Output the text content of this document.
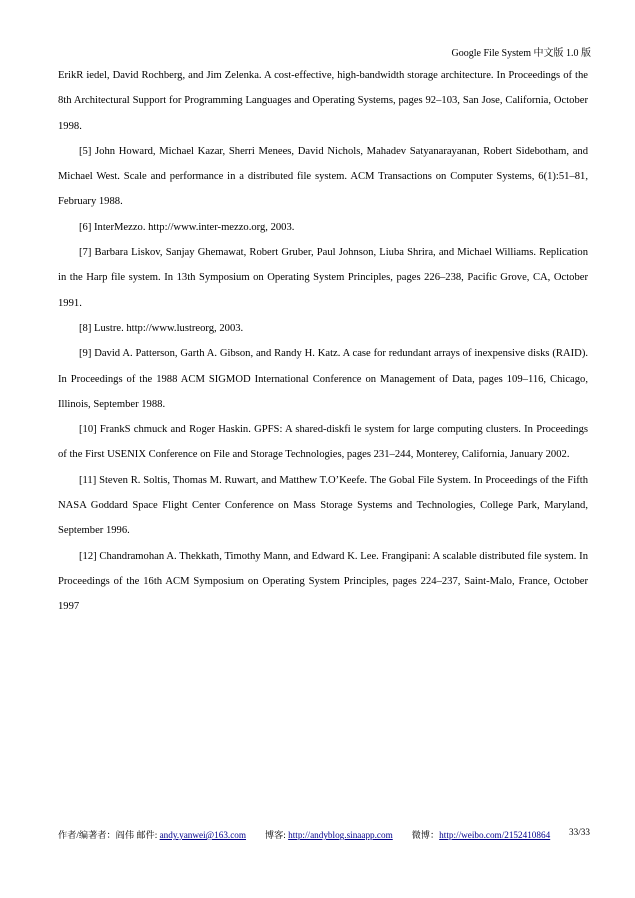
Google File System 中文版 1.0 版

ErikR iedel, David Rochberg, and Jim Zelenka. A cost-effective, high-bandwidth storage architecture. In Proceedings of the 8th Architectural Support for Programming Languages and Operating Systems, pages 92–103, San Jose, California, October 1998.

[5] John Howard, Michael Kazar, Sherri Menees, David Nichols, Mahadev Satyanarayanan, Robert Sidebotham, and Michael West. Scale and performance in a distributed file system. ACM Transactions on Computer Systems, 6(1):51–81, February 1988.

[6] InterMezzo. http://www.inter-mezzo.org, 2003.

[7] Barbara Liskov, Sanjay Ghemawat, Robert Gruber, Paul Johnson, Liuba Shrira, and Michael Williams. Replication in the Harp file system. In 13th Symposium on Operating System Principles, pages 226–238, Pacific Grove, CA, October 1991.

[8] Lustre. http://www.lustreorg, 2003.

[9] David A. Patterson, Garth A. Gibson, and Randy H. Katz. A case for redundant arrays of inexpensive disks (RAID). In Proceedings of the 1988 ACM SIGMOD International Conference on Management of Data, pages 109–116, Chicago, Illinois, September 1988.

[10] FrankS chmuck and Roger Haskin. GPFS: A shared-diskfi le system for large computing clusters. In Proceedings of the First USENIX Conference on File and Storage Technologies, pages 231–244, Monterey, California, January 2002.

[11] Steven R. Soltis, Thomas M. Ruwart, and Matthew T.O’Keefe. The Gobal File System. In Proceedings of the Fifth NASA Goddard Space Flight Center Conference on Mass Storage Systems and Technologies, College Park, Maryland, September 1996.

[12] Chandramohan A. Thekkath, Timothy Mann, and Edward K. Lee. Frangipani: A scalable distributed file system. In Proceedings of the 16th ACM Symposium on Operating System Principles, pages 224–237, Saint-Malo, France, October 1997

作者/编著者：阎伟 邮件: andy.yanwei@163.com 博客: http://andyblog.sinaapp.com 微博：http://weibo.com/2152410864 33/33
